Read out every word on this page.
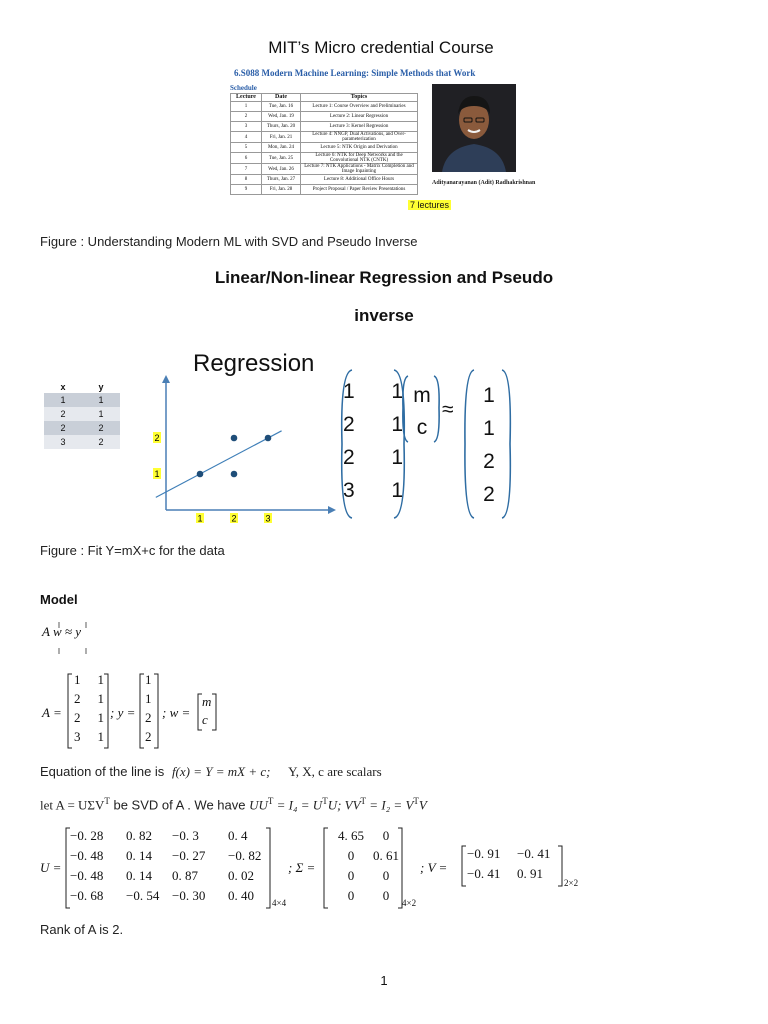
MIT’s Micro credential Course
6.S088 Modern Machine Learning: Simple Methods that Work
Schedule
Lecture	Date	Topics
1	Tue, Jan. 16	Lecture 1: Course Overview and Preliminaries
2	Wed, Jan. 19	Lecture 2: Linear Regression
3	Thurs, Jan. 20	Lecture 3: Kernel Regression
4	Fri, Jan. 21	Lecture 4: NNGP, Dual Activations, and Over-parameterization
5	Mon, Jan. 24	Lecture 5: NTK Origin and Derivation
6	Tue, Jan. 25	Lecture 6: NTK for Deep Networks and the Convolutional NTK (CNTK)
7	Wed, Jan. 26	Lecture 7: NTK Applications - Matrix Completion and Image Inpainting
8	Thurs, Jan. 27	Lecture 8: Additional Office Hours
9	Fri, Jan. 28	Project Proposal / Paper Review Presentations
Adityanarayanan (Adit) Radhakrishnan
7 lectures
Figure : Understanding Modern ML with SVD and Pseudo Inverse
Linear/Non-linear Regression and Pseudo
inverse
x	y
1	1
2	1
2	2
3	2
Regression
1	2	3
1
2
1 1
2 1
2 1
3 1
m
c
≈
1
1
2
2
Figure : Fit Y=mX+c for the data
Model
A w ≈ y
A =
1 1
2 1
2 1
3 1
; y =
1
1
2
2
; w =
m
c
Equation of the line is f(x) = Y = mX + c; Y, X, c are scalars
let $A = U\Sigma V^T$ be SVD of A . We have $UU^T = I_4 = U^TU$; $VV^T = I_2 = V^TV$
U =
−0. 28	0. 82	−0. 3	0. 4
−0. 48	0. 14	−0. 27	−0. 82
−0. 48	0. 14	0. 87	0. 02
−0. 68	−0. 54 −0. 30	0. 40	4×4
; Σ =
4. 65	0
0	0. 61
0	0
0	0	4×2
; V =
−0. 91	−0. 41
−0. 41	0. 91
2×2
Rank of A is 2.
1
